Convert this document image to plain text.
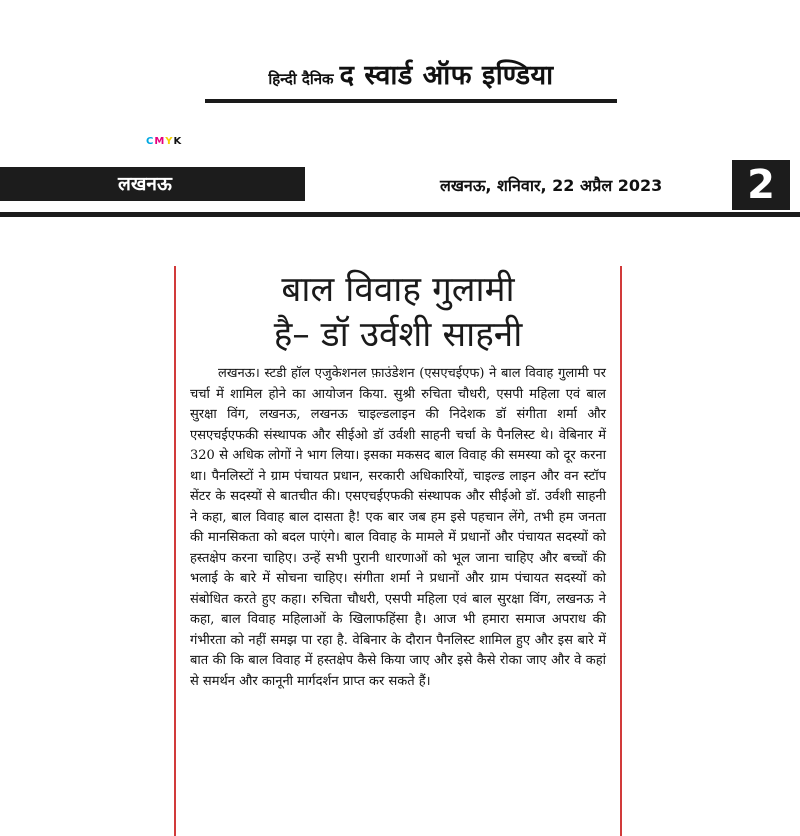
हिन्दी दैनिक द स्वार्ड ऑफ इण्डिया
CMYK
लखनऊ	लखनऊ, शनिवार, 22 अप्रैल 2023	2
बाल विवाह गुलामी
है– डॉ उर्वशी साहनी

लखनऊ। स्टडी हॉल एजुकेशनल फ़ाउंडेशन (एसएचईएफ) ने बाल विवाह गुलामी पर चर्चा में शामिल होने का आयोजन किया. सुश्री रुचिता चौधरी, एसपी महिला एवं बाल सुरक्षा विंग, लखनऊ, लखनऊ चाइल्डलाइन की निदेशक डॉ संगीता शर्मा और एसएचईएफकी संस्थापक और सीईओ डॉ उर्वशी साहनी चर्चा के पैनलिस्ट थे। वेबिनार में 320 से अधिक लोगों ने भाग लिया। इसका मकसद बाल विवाह की समस्या को दूर करना था। पैनलिस्टों ने ग्राम पंचायत प्रधान, सरकारी अधिकारियों, चाइल्ड लाइन और वन स्टॉप सेंटर के सदस्यों से बातचीत की। एसएचईएफकी संस्थापक और सीईओ डॉ. उर्वशी साहनी ने कहा, बाल विवाह बाल दासता है! एक बार जब हम इसे पहचान लेंगे, तभी हम जनता की मानसिकता को बदल पाएंगे। बाल विवाह के मामले में प्रधानों और पंचायत सदस्यों को हस्तक्षेप करना चाहिए। उन्हें सभी पुरानी धारणाओं को भूल जाना चाहिए और बच्चों की भलाई के बारे में सोचना चाहिए। संगीता शर्मा ने प्रधानों और ग्राम पंचायत सदस्यों को संबोधित करते हुए कहा। रुचिता चौधरी, एसपी महिला एवं बाल सुरक्षा विंग, लखनऊ ने कहा, बाल विवाह महिलाओं के खिलाफहिंसा है। आज भी हमारा समाज अपराध की गंभीरता को नहीं समझ पा रहा है. वेबिनार के दौरान पैनलिस्ट शामिल हुए और इस बारे में बात की कि बाल विवाह में हस्तक्षेप कैसे किया जाए और इसे कैसे रोका जाए और वे कहां से समर्थन और कानूनी मार्गदर्शन प्राप्त कर सकते हैं।
